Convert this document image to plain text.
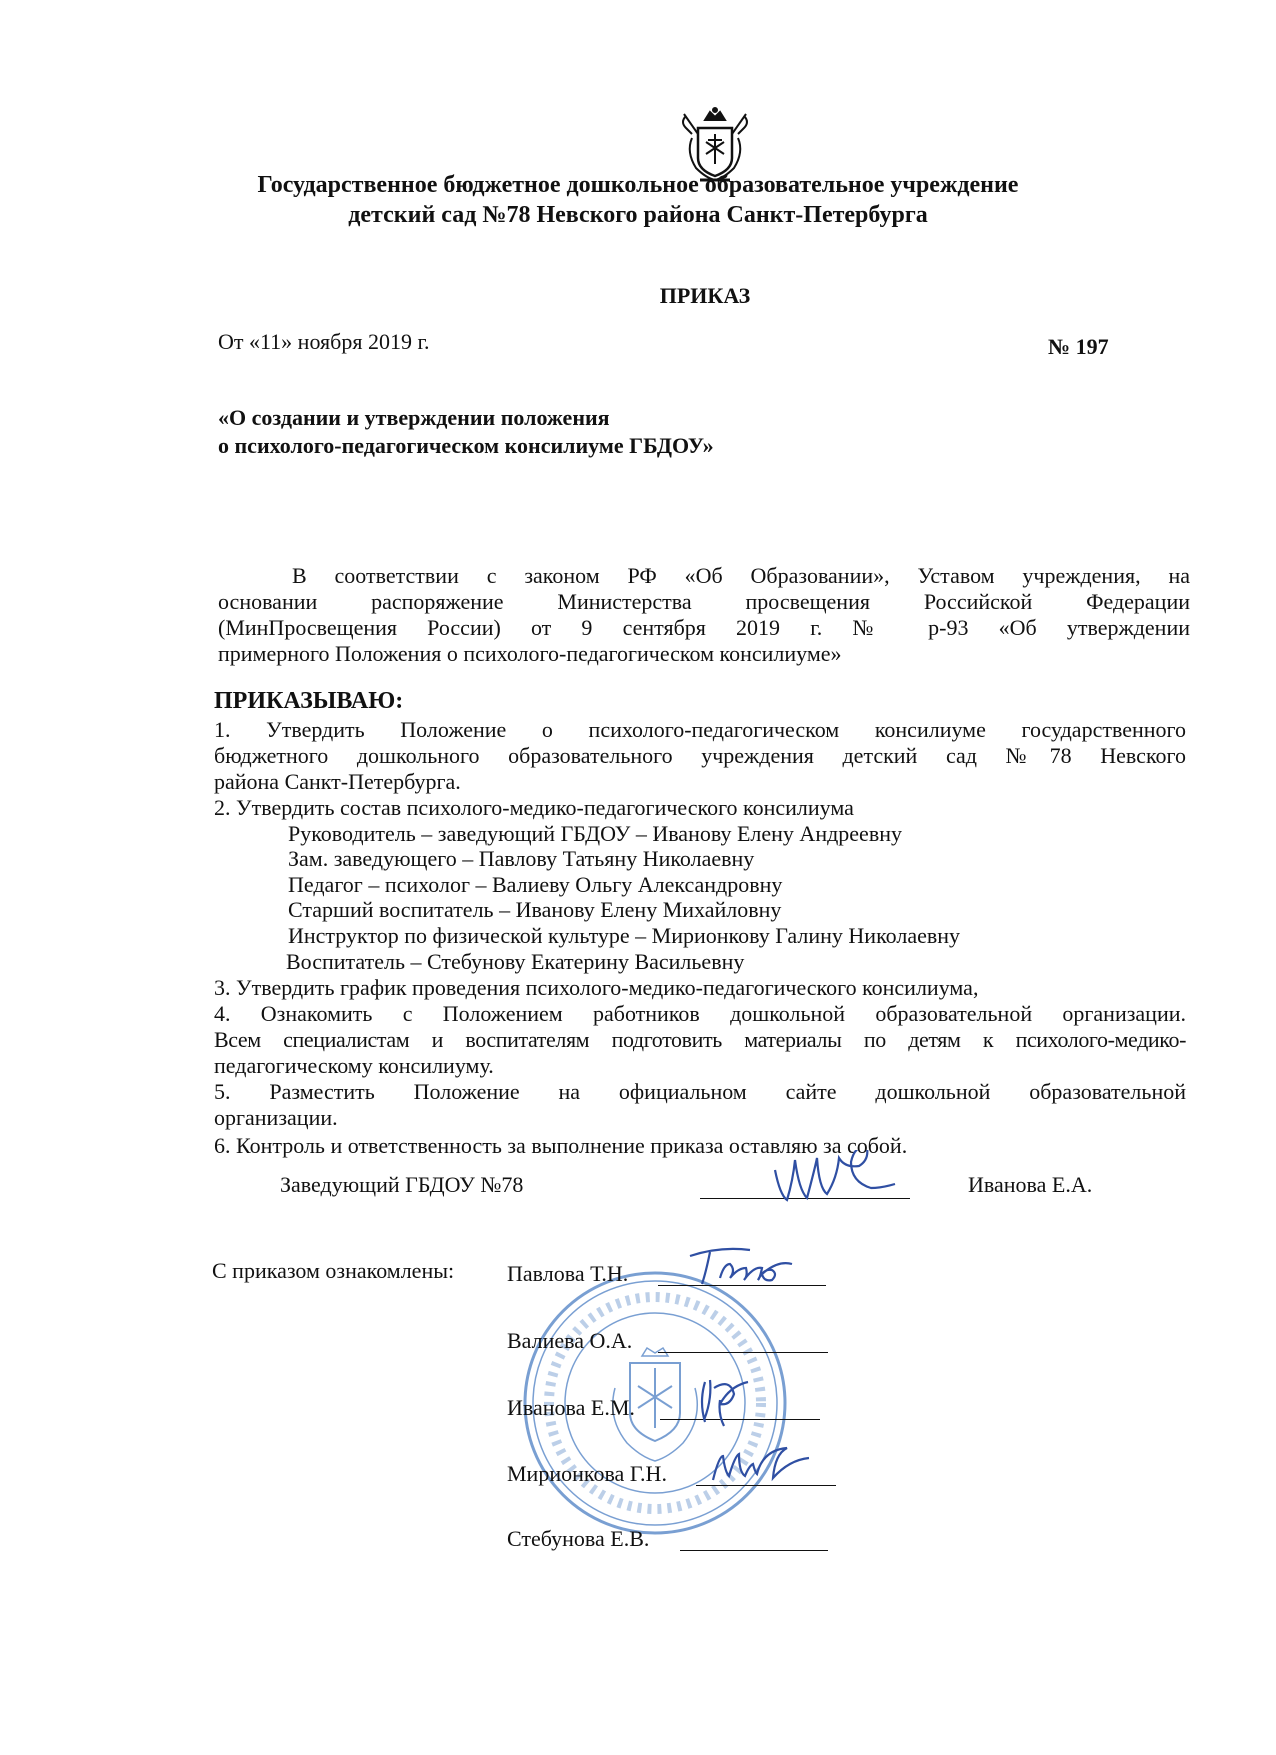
Государственное бюджетное дошкольное образовательное учреждение
детский сад №78 Невского района Санкт-Петербурга
ПРИКАЗ
От «11» ноября 2019 г.	№ 197
«О создании и утверждении положения
о психолого-педагогическом консилиуме ГБДОУ»
В соответствии с законом РФ «Об Образовании», Уставом учреждения, на
основании распоряжение Министерства просвещения Российской Федерации
(МинПросвещения России) от 9 сентября 2019 г. № р-93 «Об утверждении
примерного Положения о психолого-педагогическом консилиуме»
ПРИКАЗЫВАЮ:
1. Утвердить Положение о психолого-педагогическом консилиуме государственного
бюджетного дошкольного образовательного учреждения детский сад №78 Невского
района Санкт-Петербурга.
2. Утвердить состав психолого-медико-педагогического консилиума
Руководитель – заведующий ГБДОУ – Иванову Елену Андреевну
Зам. заведующего – Павлову Татьяну Николаевну
Педагог – психолог – Валиеву Ольгу Александровну
Старший воспитатель – Иванову Елену Михайловну
Инструктор по физической культуре – Мирионкову Галину Николаевну
Воспитатель – Стебунову Екатерину Васильевну
3. Утвердить график проведения психолого-медико-педагогического консилиума,
4. Ознакомить с Положением работников дошкольной образовательной организации.
Всем специалистам и воспитателям подготовить материалы по детям к психолого-медико-
педагогическому консилиуму.
5. Разместить Положение на официальном сайте дошкольной образовательной
организации.
6. Контроль и ответственность за выполнение приказа оставляю за собой.
Заведующий ГБДОУ №78	Иванова Е.А.
С приказом ознакомлены: Павлова Т.Н.
Валиева О.А.
Иванова Е.М.
Мирионкова Г.Н.
Стебунова Е.В.
